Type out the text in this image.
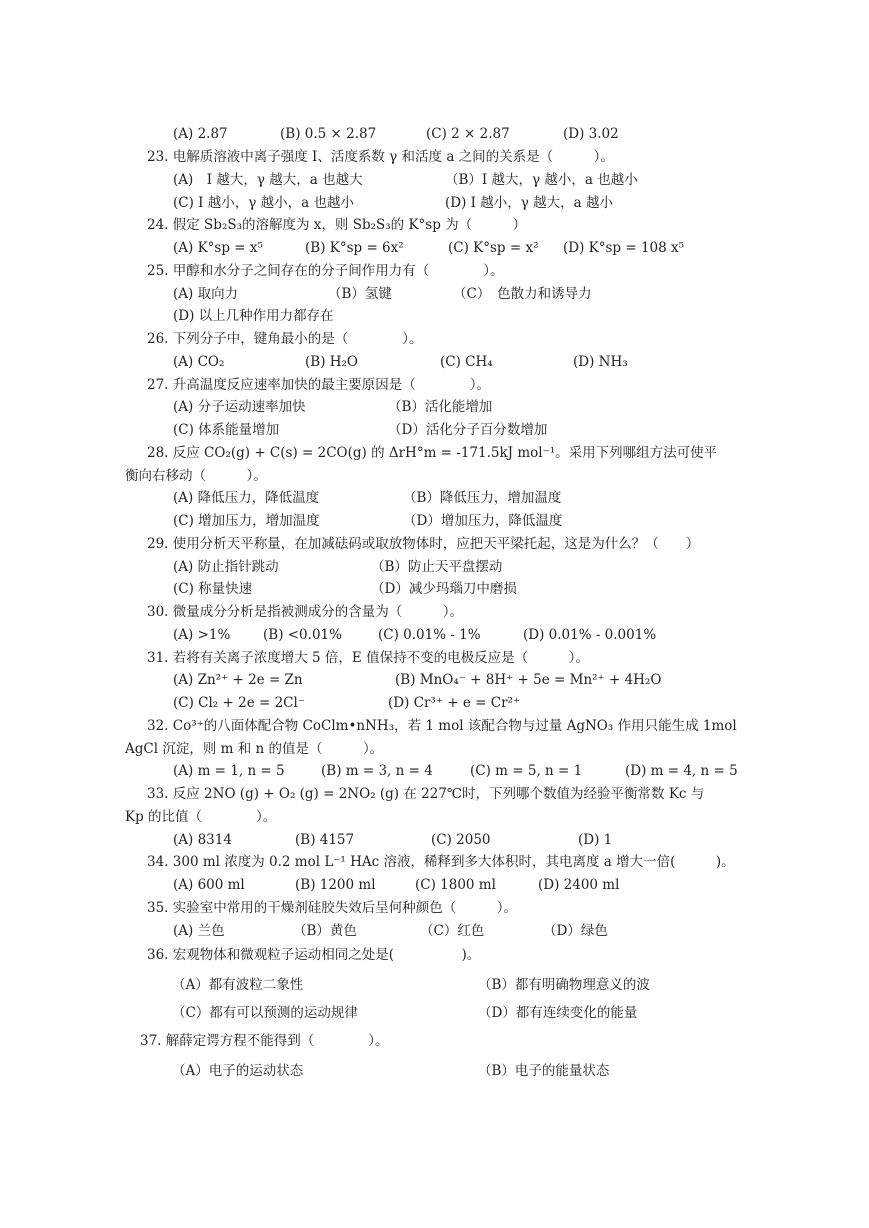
(A) 2.87	(B) 0.5 × 2.87	(C) 2 × 2.87	(D) 3.02
23. 电解质溶液中离子强度 I、活度系数 γ 和活度 a 之间的关系是（　　　）。
(A)　I 越大，γ 越大，a 也越大	（B）I 越大，γ 越小，a 也越小
(C) I 越小，γ 越小，a 也越小	(D) I 越小，γ 越大，a 越小
24. 假定 Sb₂S₃的溶解度为 x，则 Sb₂S₃的 K°sp 为（　　　）
(A) K°sp = x⁵	(B) K°sp = 6x²	(C) K°sp = x² (D) K°sp = 108 x⁵
25. 甲醇和水分子之间存在的分子间作用力有（　　　　）。
(A) 取向力	（B）氢键	（C）　色散力和诱导力
(D) 以上几种作用力都存在
26. 下列分子中，键角最小的是（　　　　）。
(A) CO₂	(B) H₂O	(C) CH₄	(D) NH₃
27. 升高温度反应速率加快的最主要原因是（　　　　）。
(A) 分子运动速率加快	（B）活化能增加
(C) 体系能量增加	（D）活化分子百分数增加
28. 反应 CO₂(g) + C(s) = 2CO(g) 的 ΔrH°m = -171.5kJ mol⁻¹。采用下列哪组方法可使平
衡向右移动（　　　）。
(A) 降低压力，降低温度	（B）降低压力，增加温度
(C) 增加压力，增加温度	（D）增加压力，降低温度
29. 使用分析天平称量，在加减砝码或取放物体时，应把天平梁托起，这是为什么？（　　）
(A) 防止指针跳动	（B）防止天平盘摆动
(C) 称量快速	（D）减少玛瑙刀中磨损
30. 微量成分分析是指被测成分的含量为（　　　）。
(A) >1% (B) <0.01%	(C) 0.01% - 1%	(D) 0.01% - 0.001%
31. 若将有关离子浓度增大 5 倍，E 值保持不变的电极反应是（　　　）。
(A) Zn²⁺ + 2e = Zn	(B) MnO₄⁻ + 8H⁺ + 5e = Mn²⁺ + 4H₂O
(C) Cl₂ + 2e = 2Cl⁻	(D) Cr³⁺ + e = Cr²⁺
32. Co³⁺的八面体配合物 CoClm•nNH₃，若 1 mol 该配合物与过量 AgNO₃ 作用只能生成 1mol
AgCl 沉淀，则 m 和 n 的值是（　　　）。
(A) m = 1, n = 5	(B) m = 3, n = 4	(C) m = 5, n = 1	(D) m = 4, n = 5
33. 反应 2NO (g) + O₂ (g) = 2NO₂ (g) 在 227℃时，下列哪个数值为经验平衡常数 Kc 与
Kp 的比值（　　　　）。
(A) 8314	(B) 4157	(C) 2050	(D) 1
34. 300 ml 浓度为 0.2 mol L⁻¹ HAc 溶液，稀释到多大体积时，其电离度 a 增大一倍(　　　)。
(A) 600 ml	(B) 1200 ml	(C) 1800 ml	(D) 2400 ml
35. 实验室中常用的干燥剂硅胶失效后呈何种颜色（　　　）。
(A) 兰色	（B）黄色	（C）红色	（D）绿色
36. 宏观物体和微观粒子运动相同之处是(　　　　　)。
（A）都有波粒二象性	（B）都有明确物理意义的波
（C）都有可以预测的运动规律	（D）都有连续变化的能量
37. 解薛定谔方程不能得到（　　　　）。
（A）电子的运动状态	（B）电子的能量状态
